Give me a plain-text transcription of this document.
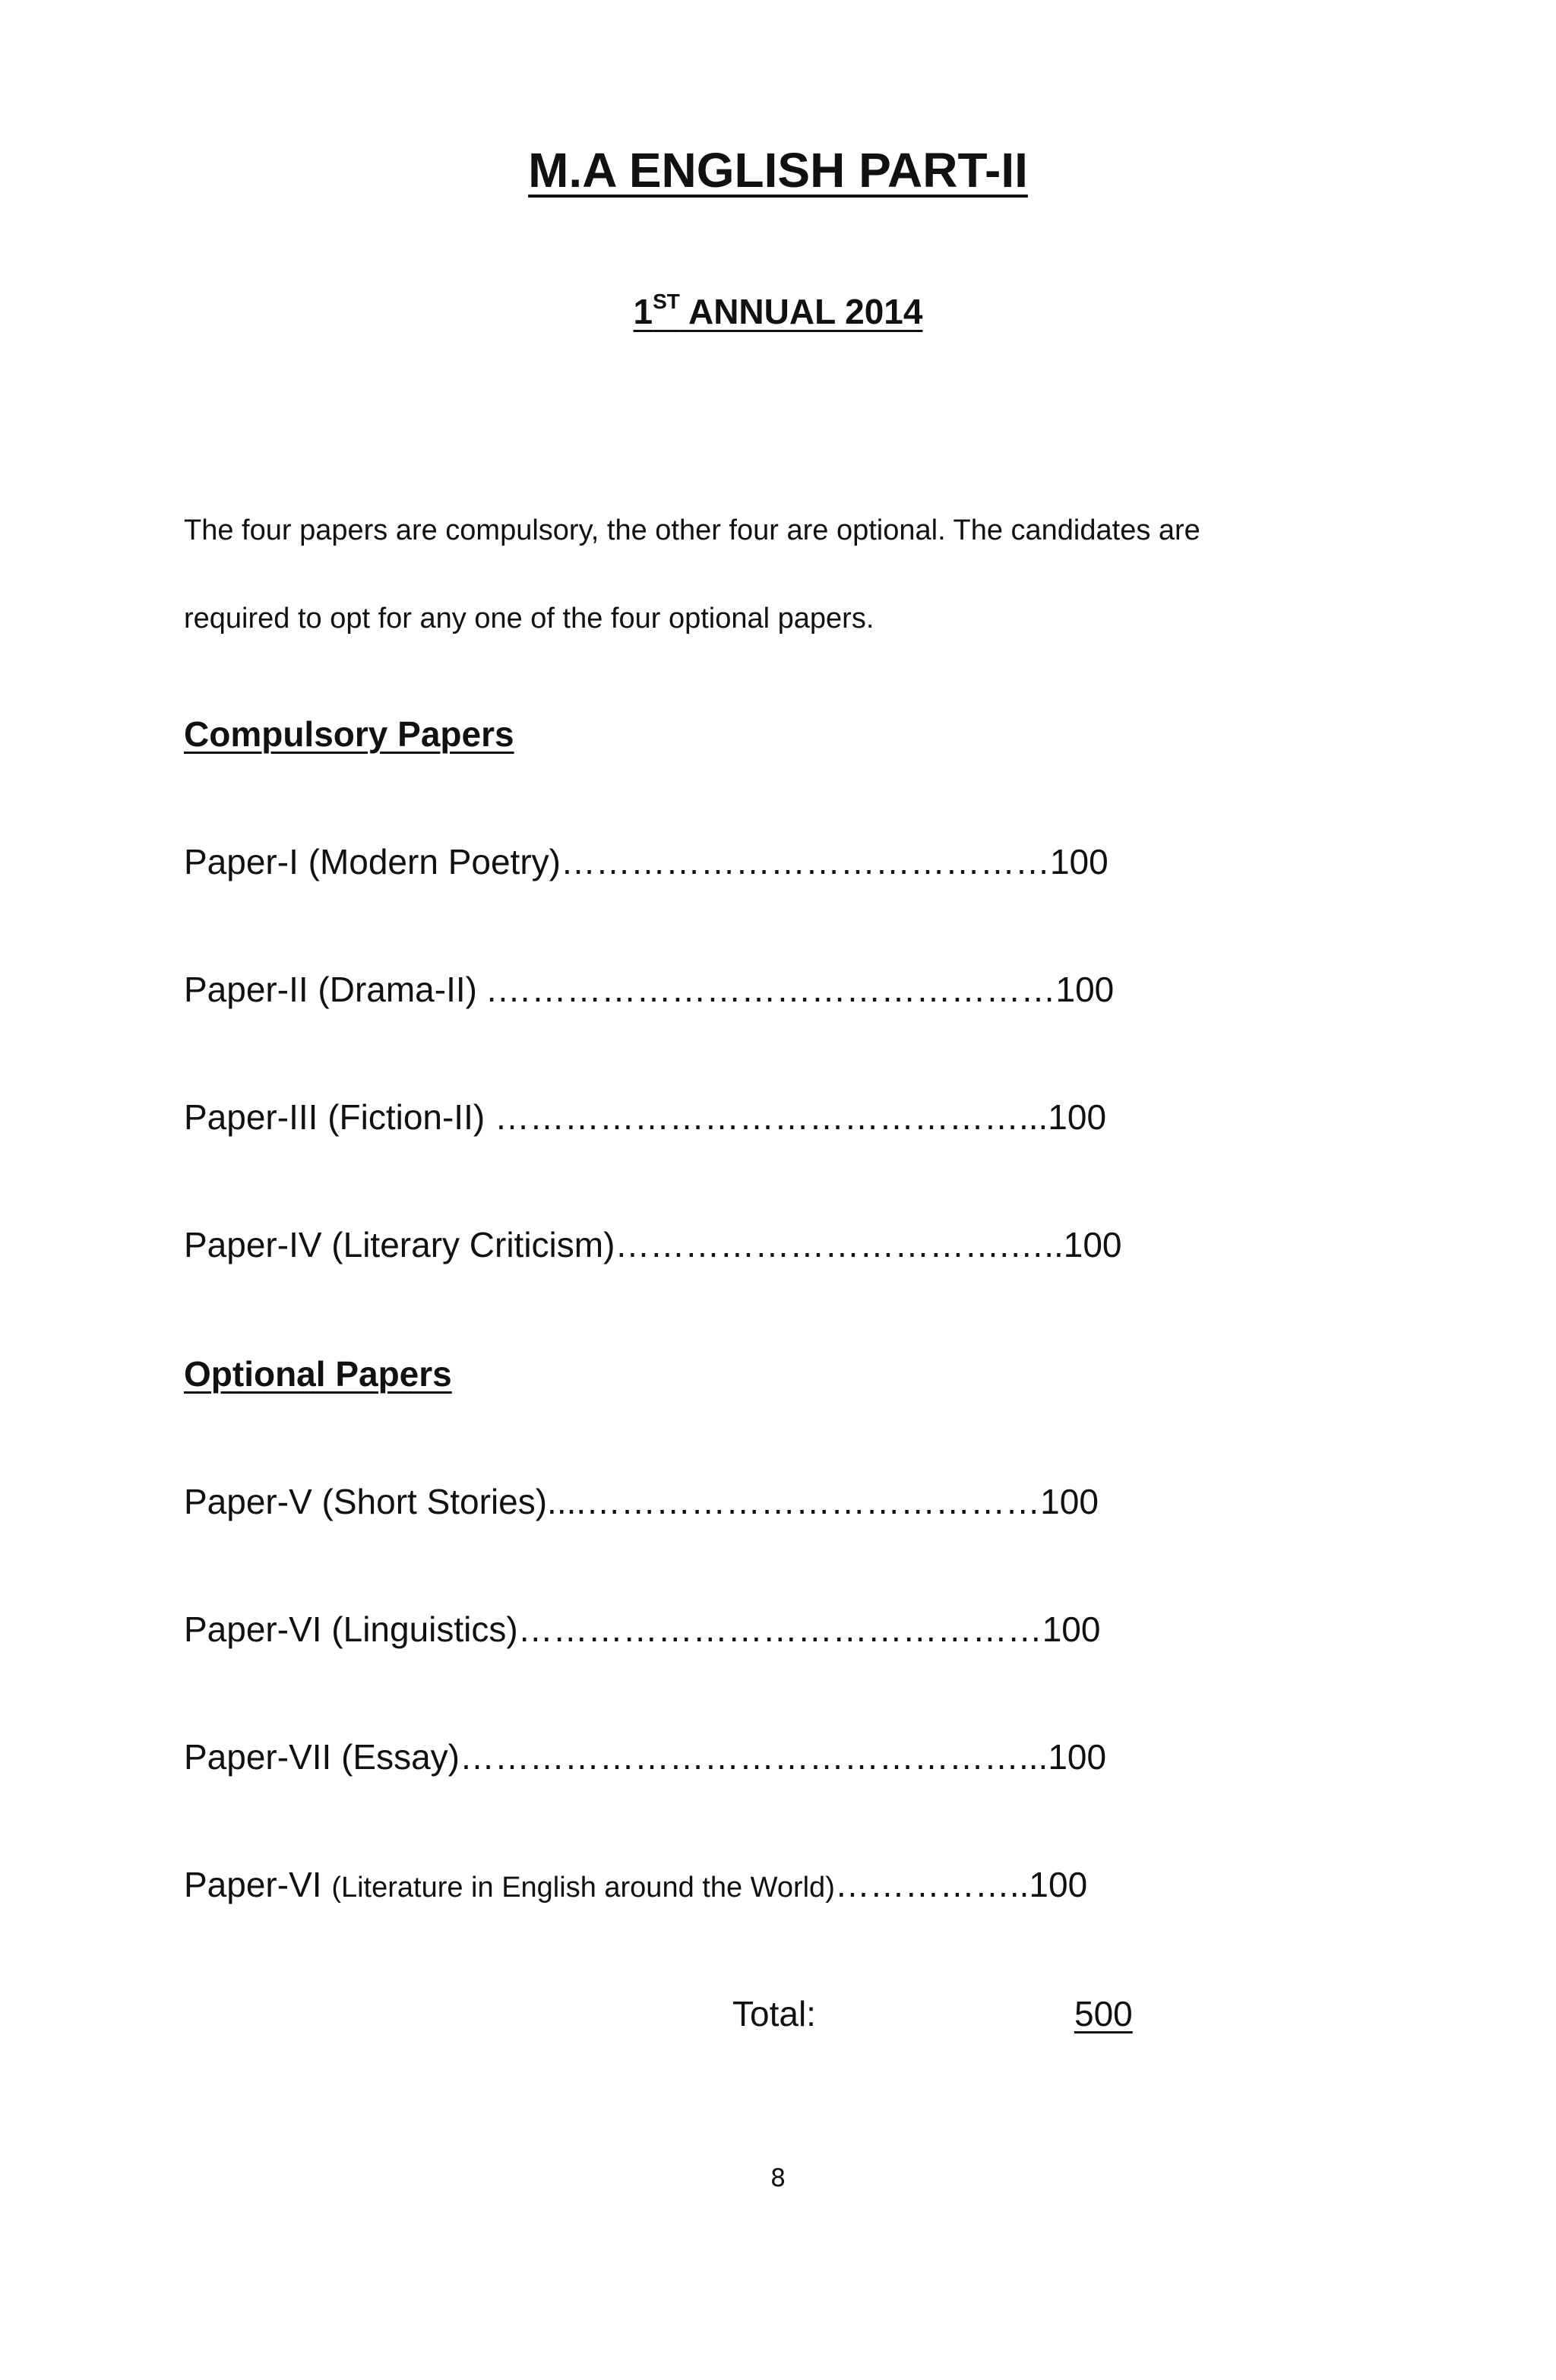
M.A ENGLISH PART-II
1ST ANNUAL 2014

The four papers are compulsory, the other four are optional. The candidates are

required to opt for any one of the four optional papers.

Compulsory Papers

Paper-I (Modern Poetry)……………………………………100

Paper-II (Drama-II) .…………………………………………100

Paper-III (Fiction-II) ………………………………………...100

Paper-IV (Literary Criticism)…………………………….…..100

Optional Papers

Paper-V (Short Stories)....…………………………………100

Paper-VI (Linguistics)………………………………………100

Paper-VII (Essay)…………………………………………...100

Paper-VI (Literature in English around the World)……………..100

Total:	500

8
